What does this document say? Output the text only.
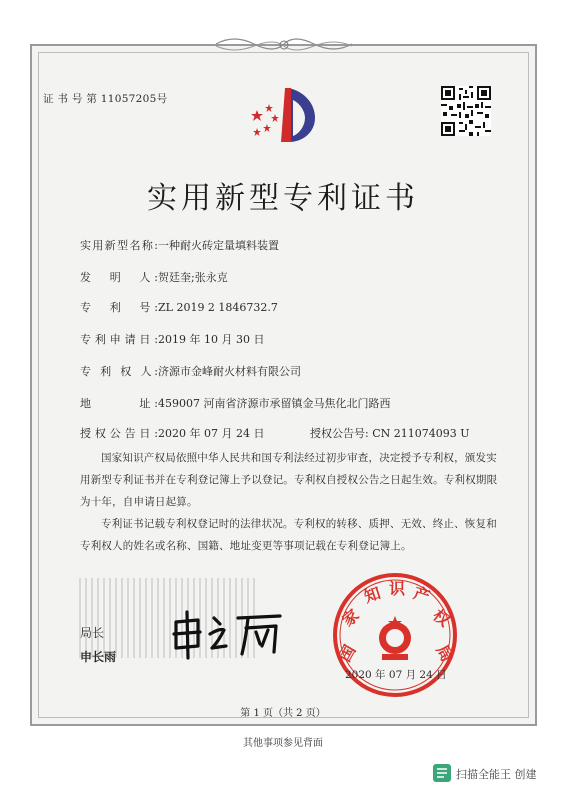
证 书 号 第 11057205号
实用新型专利证书
实用新型名称:一种耐火砖定量填料装置
发　明　人:贺廷奎;张永克
专　利　号:ZL 2019 2 1846732.7
专利申请日:2019 年 10 月 30 日
专 利 权 人:济源市金峰耐火材料有限公司
地　　　址:459007 河南省济源市承留镇金马焦化北门路西
授权公告日:2020 年 07 月 24 日	授权公告号: CN 211074093 U
国家知识产权局依照中华人民共和国专利法经过初步审查，决定授予专利权，颁发实用新型专利证书并在专利登记簿上予以登记。专利权自授权公告之日起生效。专利权期限为十年，自申请日起算。
专利证书记载专利权登记时的法律状况。专利权的转移、质押、无效、终止、恢复和专利权人的姓名或名称、国籍、地址变更等事项记载在专利登记簿上。
局长
申长雨	国
家
知 识 产
权
局
2020 年 07 月 24 日
第 1 页（共 2 页）
其他事项参见背面
扫描全能王 创建
